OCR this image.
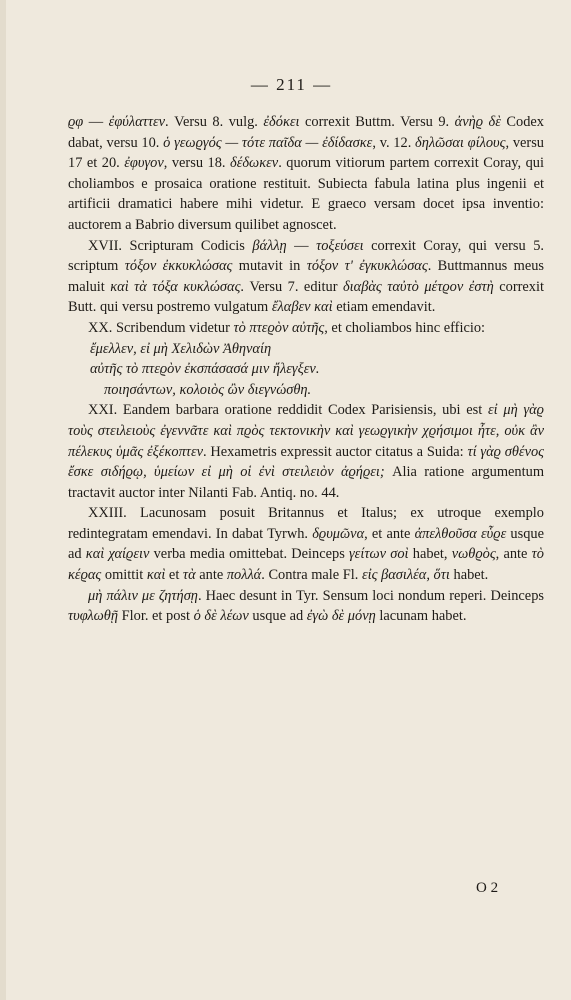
— 211 —

ϱφ — ἐφύλαττεν. Versu 8. vulg. ἐδόκει correxit Buttm. Versu 9. ἀνὴϱ δὲ Codex dabat, versu 10. ὁ γεωϱγός — τότε παῖδα — ἐδίδασκε, v. 12. δηλῶσαι φίλους, versu 17 et 20. ἐφυγον, versu 18. δέδωκεν. quorum vitiorum partem correxit Coray, qui choliambos e prosaica oratione restituit. Subiecta fabula latina plus ingenii et artificii dramatici habere mihi videtur. E graeco versam docet ipsa inventio: auctorem a Babrio diversum quilibet agnoscet.

XVII. Scripturam Codicis βάλλῃ — τοξεύσει correxit Coray, qui versu 5. scriptum τόξον ἐκκυκλώσας mutavit in τόξον τ' ἐγκυκλώσας. Buttmannus meus maluit καὶ τὰ τόξα κυκλώσας. Versu 7. editur διαβὰς ταὐτὸ μέτϱον ἐστὴ correxit Butt. qui versu postremo vulgatum ἔλαβεν καὶ etiam emendavit.

XX. Scribendum videtur τὸ πτεϱὸν αὐτῆς, et choliambos hinc efficio:

ἔμελλεν, εἰ μὴ Χελιδὼν Ἀθηναίη
αὐτῆς τὸ πτεϱὸν ἐκσπάσασά μιν ἤλεγξεν.
ποιησάντων, κολοιὸς ὢν διεγνώσθη.

XXI. Eandem barbara oratione reddidit Codex Parisiensis, ubi est εἰ μὴ γὰϱ τοὺς στειλειοὺς ἐγεννᾶτε καὶ πϱὸς τεκτονικὴν καὶ γεωϱγικὴν χϱήσιμοι ἦτε, οὐκ ἂν πέλεκυς ὑμᾶς ἐξέκοπτεν. Hexametris expressit auctor citatus a Suida: τί γὰϱ σθένος ἔσκε σιδήϱῳ, ὑμείων εἰ μὴ οἱ ἐνὶ στειλειὸν ἀϱήϱει; Alia ratione argumentum tractavit auctor inter Nilanti Fab. Antiq. no. 44.

XXIII. Lacunosam posuit Britannus et Italus; ex utroque exemplo redintegratam emendavi. In dabat Tyrwh. δϱυμῶνα, et ante ἀπελθοῦσα εὗϱε usque ad καὶ χαίϱειν verba media omittebat. Deinceps γείτων σοὶ habet, νωθϱὸς, ante τὸ κέϱας omittit καὶ et τὰ ante πολλά. Contra male Fl. εἰς βασιλέα, ὅτι habet.

μὴ πάλιν με ζητήσῃ. Haec desunt in Tyr. Sensum loci nondum reperi. Deinceps τυφλωθῇ Flor. et post ὁ δὲ λέων usque ad ἐγὼ δὲ μόνῃ lacunam habet.

O 2
